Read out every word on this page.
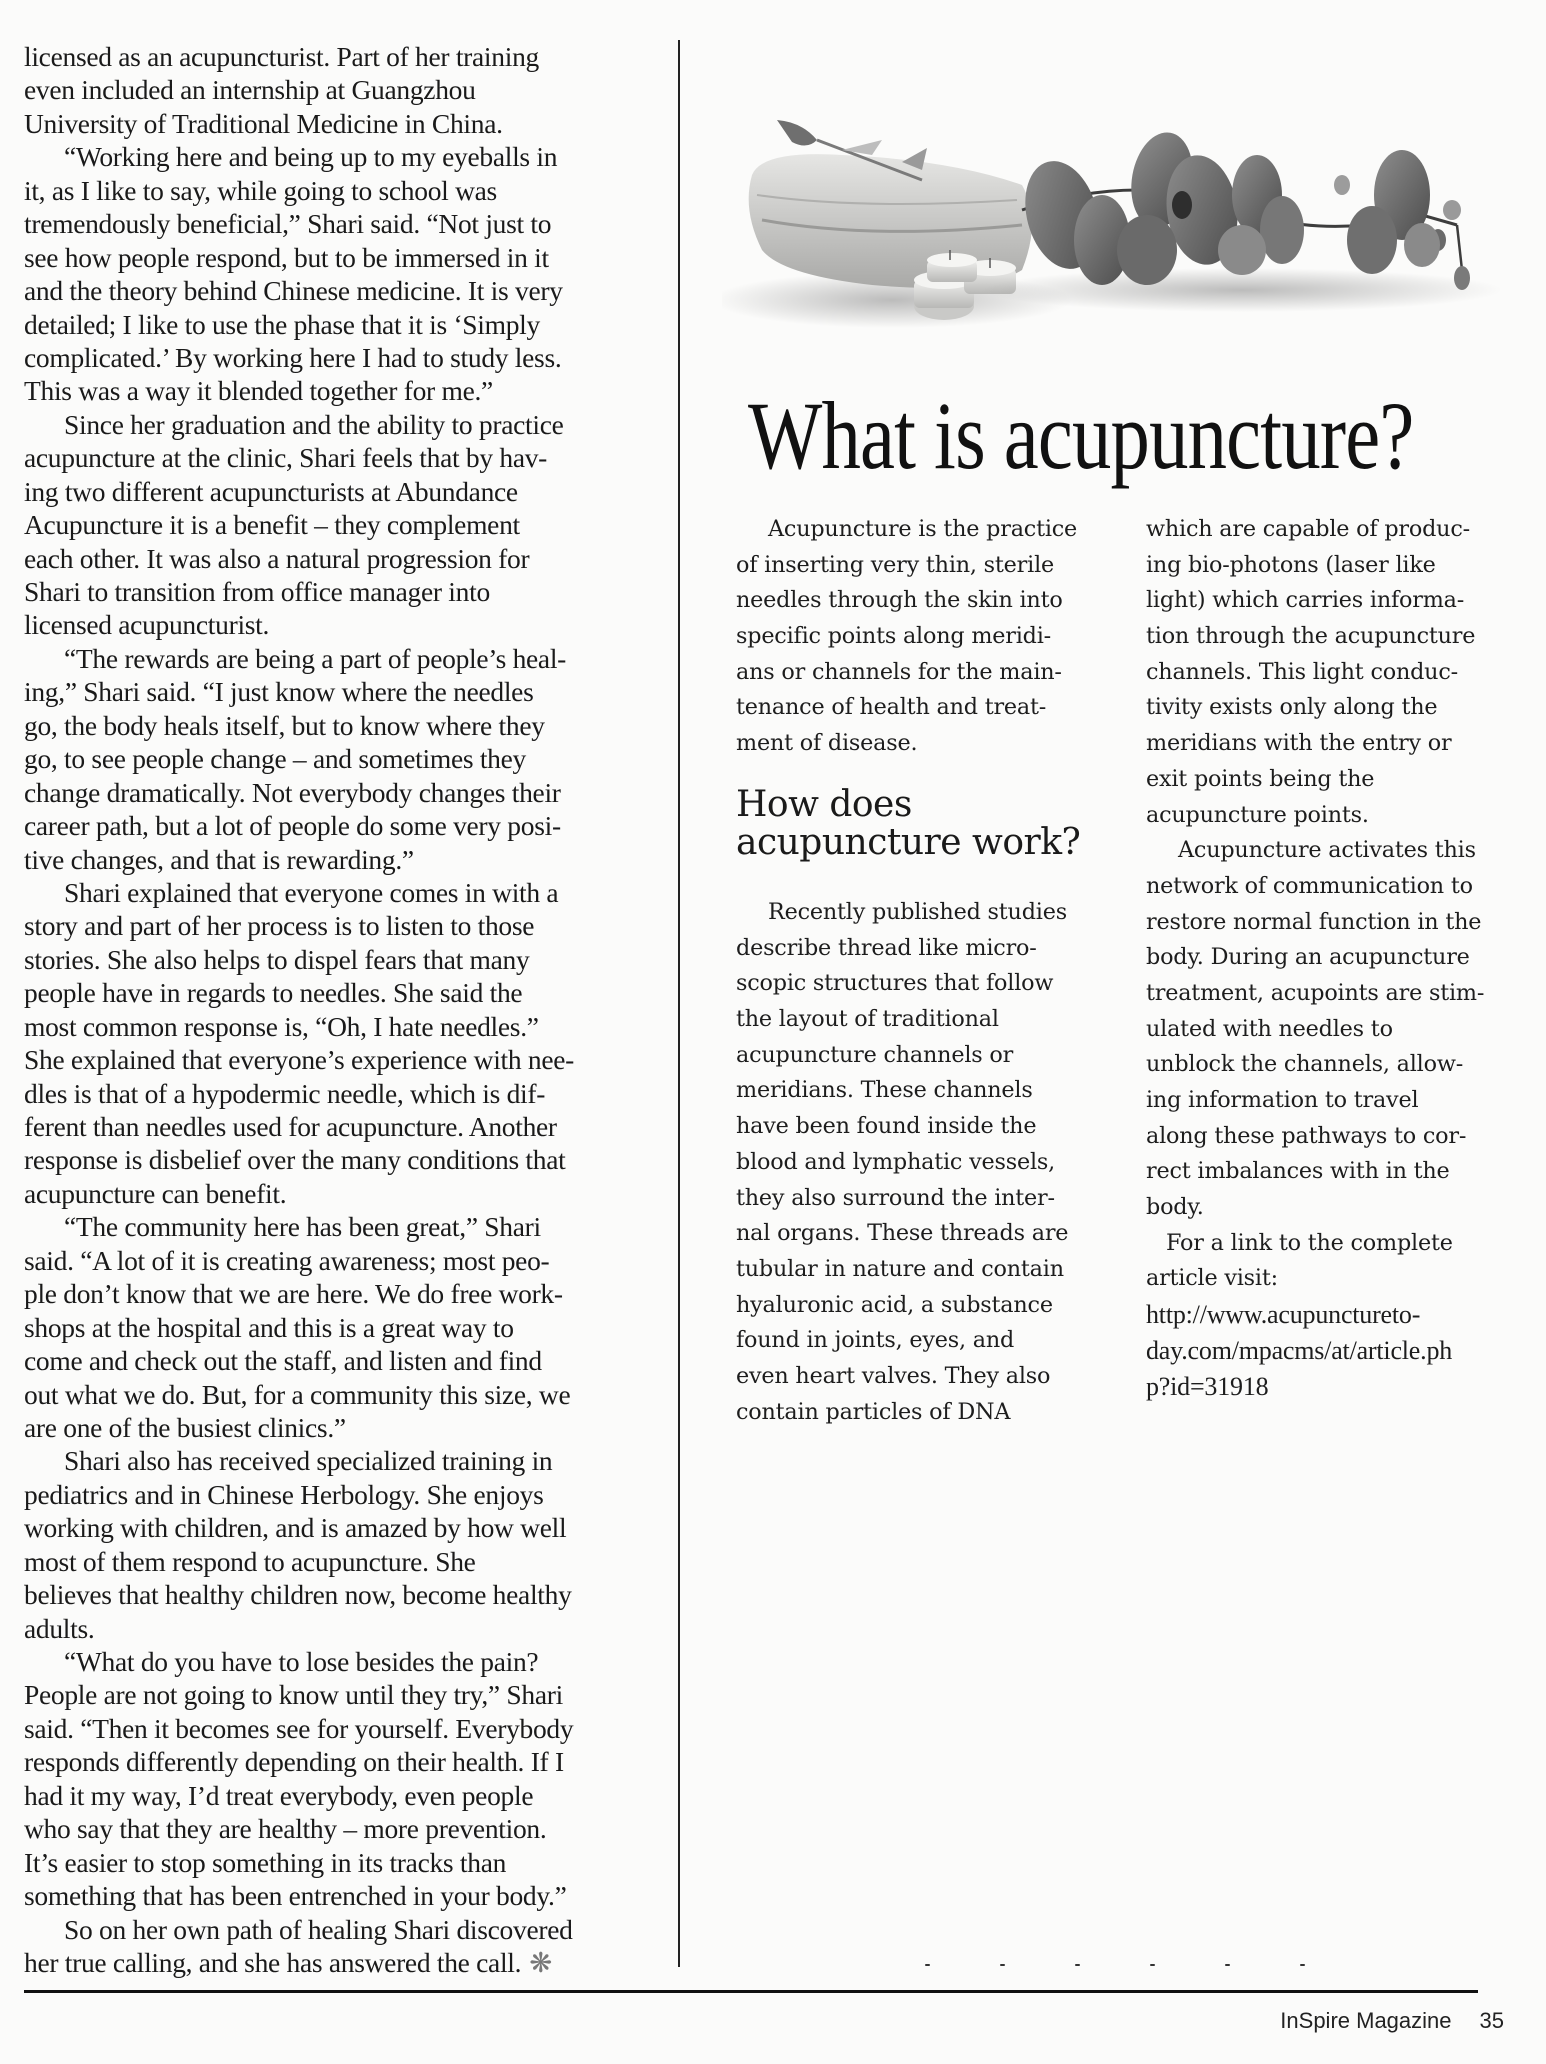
licensed as an acupuncturist. Part of her training
even included an internship at Guangzhou
University of Traditional Medicine in China.
“Working here and being up to my eyeballs in
it, as I like to say, while going to school was
tremendously beneficial,” Shari said. “Not just to
see how people respond, but to be immersed in it
and the theory behind Chinese medicine. It is very
detailed; I like to use the phase that it is ‘Simply
complicated.’ By working here I had to study less.
This was a way it blended together for me.”
Since her graduation and the ability to practice
acupuncture at the clinic, Shari feels that by hav-
ing two different acupuncturists at Abundance
Acupuncture it is a benefit – they complement
each other. It was also a natural progression for
Shari to transition from office manager into
licensed acupuncturist.
“The rewards are being a part of people’s heal-
ing,” Shari said. “I just know where the needles
go, the body heals itself, but to know where they
go, to see people change – and sometimes they
change dramatically. Not everybody changes their
career path, but a lot of people do some very posi-
tive changes, and that is rewarding.”
Shari explained that everyone comes in with a
story and part of her process is to listen to those
stories. She also helps to dispel fears that many
people have in regards to needles. She said the
most common response is, “Oh, I hate needles.”
She explained that everyone’s experience with nee-
dles is that of a hypodermic needle, which is dif-
ferent than needles used for acupuncture. Another
response is disbelief over the many conditions that
acupuncture can benefit.
“The community here has been great,” Shari
said. “A lot of it is creating awareness; most peo-
ple don’t know that we are here. We do free work-
shops at the hospital and this is a great way to
come and check out the staff, and listen and find
out what we do. But, for a community this size, we
are one of the busiest clinics.”
Shari also has received specialized training in
pediatrics and in Chinese Herbology. She enjoys
working with children, and is amazed by how well
most of them respond to acupuncture. She
believes that healthy children now, become healthy
adults.
“What do you have to lose besides the pain?
People are not going to know until they try,” Shari
said. “Then it becomes see for yourself. Everybody
responds differently depending on their health. If I
had it my way, I’d treat everybody, even people
who say that they are healthy – more prevention.
It’s easier to stop something in its tracks than
something that has been entrenched in your body.”
So on her own path of healing Shari discovered
her true calling, and she has answered the call. ❋
What is acupuncture?
Acupuncture is the practice
of inserting very thin, sterile
needles through the skin into
specific points along meridi-
ans or channels for the main-
tenance of health and treat-
ment of disease.
How does
acupuncture work?
Recently published studies
describe thread like micro-
scopic structures that follow
the layout of traditional
acupuncture channels or
meridians. These channels
have been found inside the
blood and lymphatic vessels,
they also surround the inter-
nal organs. These threads are
tubular in nature and contain
hyaluronic acid, a substance
found in joints, eyes, and
even heart valves. They also
contain particles of DNA
which are capable of produc-
ing bio-photons (laser like
light) which carries informa-
tion through the acupuncture
channels. This light conduc-
tivity exists only along the
meridians with the entry or
exit points being the
acupuncture points.
Acupuncture activates this
network of communication to
restore normal function in the
body. During an acupuncture
treatment, acupoints are stim-
ulated with needles to
unblock the channels, allow-
ing information to travel
along these pathways to cor-
rect imbalances with in the
body.
For a link to the complete
article visit:
http://www.acupunctureto-
day.com/mpacms/at/article.ph
p?id=31918
InSpire Magazine 35
